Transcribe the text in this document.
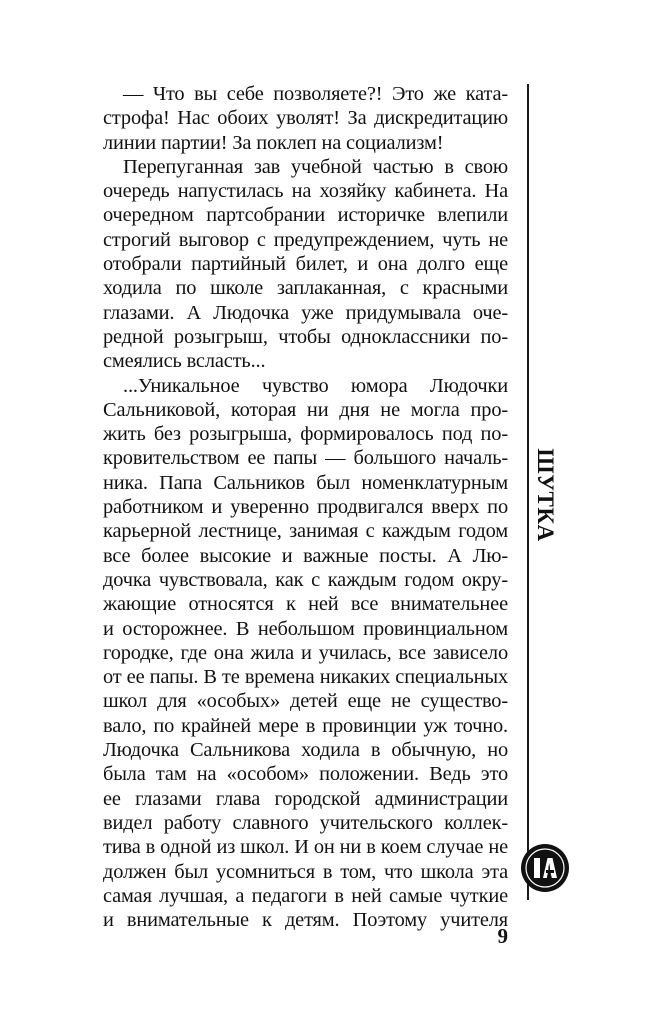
— Что вы себе позволяете?! Это же ката-
строфа! Нас обоих уволят! За дискредитацию
линии партии! За поклеп на социализм!
Перепуганная зав учебной частью в свою
очередь напустилась на хозяйку кабинета. На
очередном партсобрании историчке влепили
строгий выговор с предупреждением, чуть не
отобрали партийный билет, и она долго еще
ходила по школе заплаканная, с красными
глазами. А Людочка уже придумывала оче-
редной розыгрыш, чтобы одноклассники по-
смеялись всласть...
...Уникальное чувство юмора Людочки
Сальниковой, которая ни дня не могла про-
жить без розыгрыша, формировалось под по-
кровительством ее папы — большого началь-
ника. Папа Сальников был номенклатурным
работником и уверенно продвигался вверх по
карьерной лестнице, занимая с каждым годом
все более высокие и важные посты. А Лю-
дочка чувствовала, как с каждым годом окру-
жающие относятся к ней все внимательнее
и осторожнее. В небольшом провинциальном
городке, где она жила и училась, все зависело
от ее папы. В те времена никаких специальных
школ для «особых» детей еще не существо-
вало, по крайней мере в провинции уж точно.
Людочка Сальникова ходила в обычную, но
была там на «особом» положении. Ведь это
ее глазами глава городской администрации
видел работу славного учительского коллек-
тива в одной из школ. И он ни в коем случае не
должен был усомниться в том, что школа эта
самая лучшая, а педагоги в ней самые чуткие
и внимательные к детям. Поэтому учителя
ШУТКА
9
